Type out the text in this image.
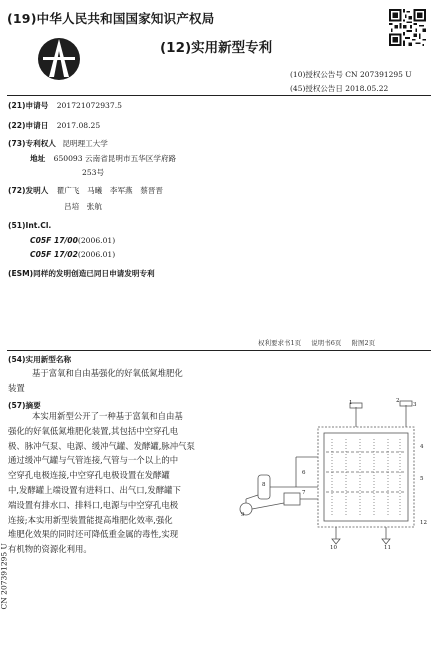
(19)中华人民共和国国家知识产权局
(12)实用新型专利
(10)授权公告号 CN 207391295 U
(45)授权公告日 2018.05.22
(21)申请号 201721072937.5
(22)申请日 2017.08.25
(73)专利权人 昆明理工大学
地址 650093 云南省昆明市五华区学府路
253号
(72)发明人 瞿广飞　马曦　李军燕　蔡晋晋
吕培　张航
(51)Int.Cl.
C05F 17/00(2006.01)
C05F 17/02(2006.01)
(ESM)同样的发明创造已同日申请发明专利
权利要求书1页 说明书6页 附图2页
(54)实用新型名称
基于富氧和自由基强化的好氧低氮堆肥化
装置
(57)摘要
本实用新型公开了一种基于富氧和自由基
强化的好氧低氮堆肥化装置,其包括中空穿孔电
极、脉冲气泵、电源、缓冲气罐、发酵罐,脉冲气泵
通过缓冲气罐与气管连接,气管与一个以上的中
空穿孔电极连接,中空穿孔电极设置在发酵罐
中,发酵罐上端设置有进料口、出气口,发酵罐下
端设置有排水口、排料口,电源与中空穿孔电极
连接;本实用新型装置能提高堆肥化效率,强化
堆肥化效果的同时还可降低重金属的毒性,实现
有机物的资源化利用。
1	2
3
4
5
6
7
8
9
10	11
12
CN 207391295 U
